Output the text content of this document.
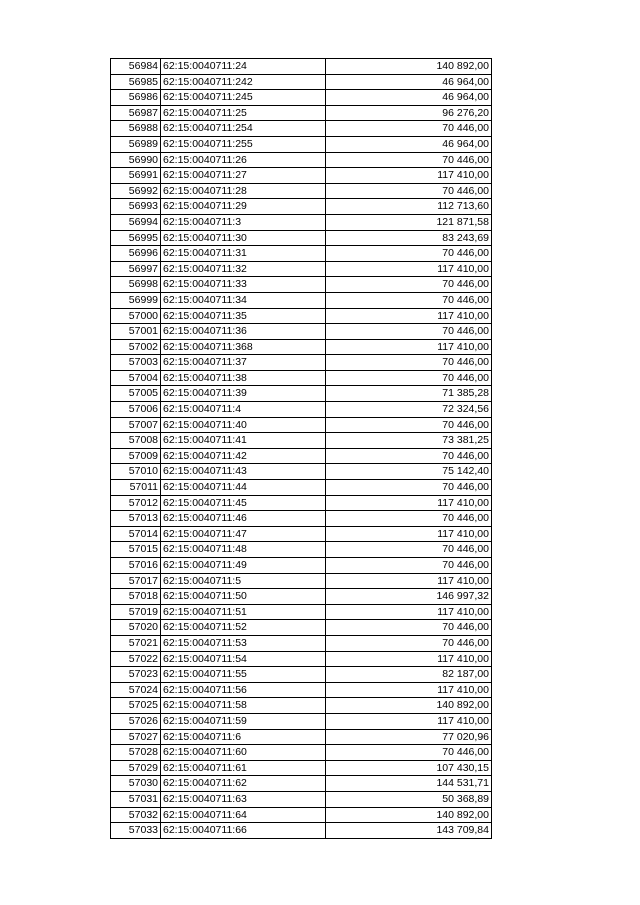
56984	62:15:0040711:24	140 892,00
56985	62:15:0040711:242	46 964,00
56986	62:15:0040711:245	46 964,00
56987	62:15:0040711:25	96 276,20
56988	62:15:0040711:254	70 446,00
56989	62:15:0040711:255	46 964,00
56990	62:15:0040711:26	70 446,00
56991	62:15:0040711:27	117 410,00
56992	62:15:0040711:28	70 446,00
56993	62:15:0040711:29	112 713,60
56994	62:15:0040711:3	121 871,58
56995	62:15:0040711:30	83 243,69
56996	62:15:0040711:31	70 446,00
56997	62:15:0040711:32	117 410,00
56998	62:15:0040711:33	70 446,00
56999	62:15:0040711:34	70 446,00
57000	62:15:0040711:35	117 410,00
57001	62:15:0040711:36	70 446,00
57002	62:15:0040711:368	117 410,00
57003	62:15:0040711:37	70 446,00
57004	62:15:0040711:38	70 446,00
57005	62:15:0040711:39	71 385,28
57006	62:15:0040711:4	72 324,56
57007	62:15:0040711:40	70 446,00
57008	62:15:0040711:41	73 381,25
57009	62:15:0040711:42	70 446,00
57010	62:15:0040711:43	75 142,40
57011	62:15:0040711:44	70 446,00
57012	62:15:0040711:45	117 410,00
57013	62:15:0040711:46	70 446,00
57014	62:15:0040711:47	117 410,00
57015	62:15:0040711:48	70 446,00
57016	62:15:0040711:49	70 446,00
57017	62:15:0040711:5	117 410,00
57018	62:15:0040711:50	146 997,32
57019	62:15:0040711:51	117 410,00
57020	62:15:0040711:52	70 446,00
57021	62:15:0040711:53	70 446,00
57022	62:15:0040711:54	117 410,00
57023	62:15:0040711:55	82 187,00
57024	62:15:0040711:56	117 410,00
57025	62:15:0040711:58	140 892,00
57026	62:15:0040711:59	117 410,00
57027	62:15:0040711:6	77 020,96
57028	62:15:0040711:60	70 446,00
57029	62:15:0040711:61	107 430,15
57030	62:15:0040711:62	144 531,71
57031	62:15:0040711:63	50 368,89
57032	62:15:0040711:64	140 892,00
57033	62:15:0040711:66	143 709,84
